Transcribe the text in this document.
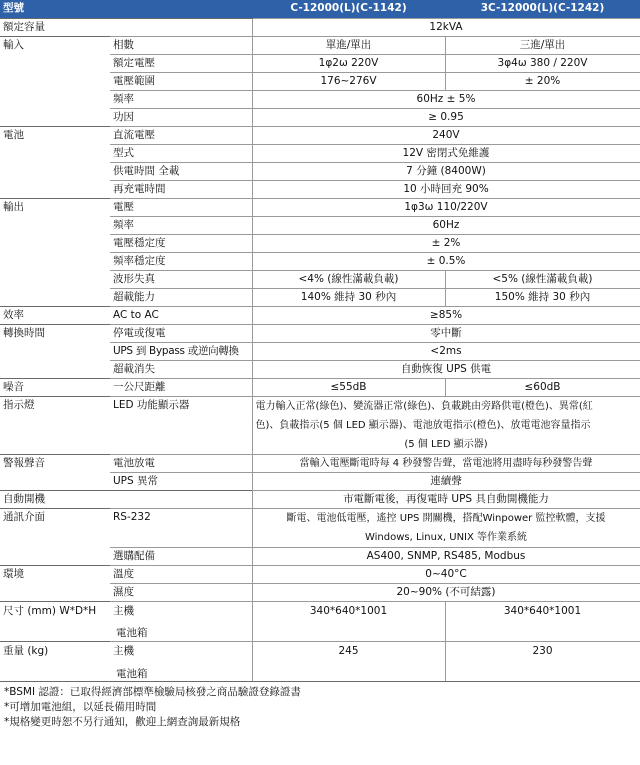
型號		C-12000(L)(C-1142)	3C-12000(L)(C-1242)
額定容量		12kVA	
輸入	相數	單進/單出	三進/單出
	額定電壓	1φ2ω 220V	3φ4ω 380 / 220V
	電壓範圍	176~276V	± 20%
	頻率	60Hz ± 5%	
	功因	≥ 0.95	
電池	直流電壓	240V	
	型式	12V 密閉式免維護	
	供電時間 全載	7 分鐘 (8400W)	
	再充電時間	10 小時回充 90%	
輸出	電壓	1φ3ω 110/220V	
	頻率	60Hz	
	電壓穩定度	± 2%	
	頻率穩定度	± 0.5%	
	波形失真	<4% (線性滿載負載)	<5% (線性滿載負載)
	超載能力	140% 維持 30 秒內	150% 維持 30 秒內
效率	AC to AC	≥85%	
轉換時間	停電或復電	零中斷	
	UPS 到 Bypass 或逆向轉換	<2ms	
	超載消失	自動恢復 UPS 供電	
噪音	一公尺距離	≤55dB	≤60dB
指示燈	LED 功能顯示器	電力輸入正常(綠色)、變流器正常(綠色)、負載跳由旁路供電(橙色)、異常(紅
色)、負載指示(5 個 LED 顯示器)、電池放電指示(橙色)、放電電池容量指示
(5 個 LED 顯示器)	

警報聲音	電池放電	當輸入電壓斷電時每 4 秒發警告聲，當電池將用盡時每秒發警告聲	
	UPS 異常	連續聲	
自動開機		市電斷電後，再復電時 UPS 具自動開機能力	
通訊介面	RS-232	斷電、電池低電壓，遙控 UPS 開關機，搭配Winpower 監控軟體，支援
Windows, Linux, UNIX 等作業系統	

	選購配備	AS400, SNMP, RS485, Modbus	
環境	溫度	0~40°C	
	濕度	20~90% (不可結露)	
尺寸 (mm) W*D*H	主機	340*640*1001	340*640*1001
	電池箱		
重量 (kg)	主機	245	230
	電池箱		
*BSMI 認證：已取得經濟部標準檢驗局核發之商品驗證登錄證書
*可增加電池組，以延長備用時間
*規格變更時恕不另行通知，歡迎上網查詢最新規格
